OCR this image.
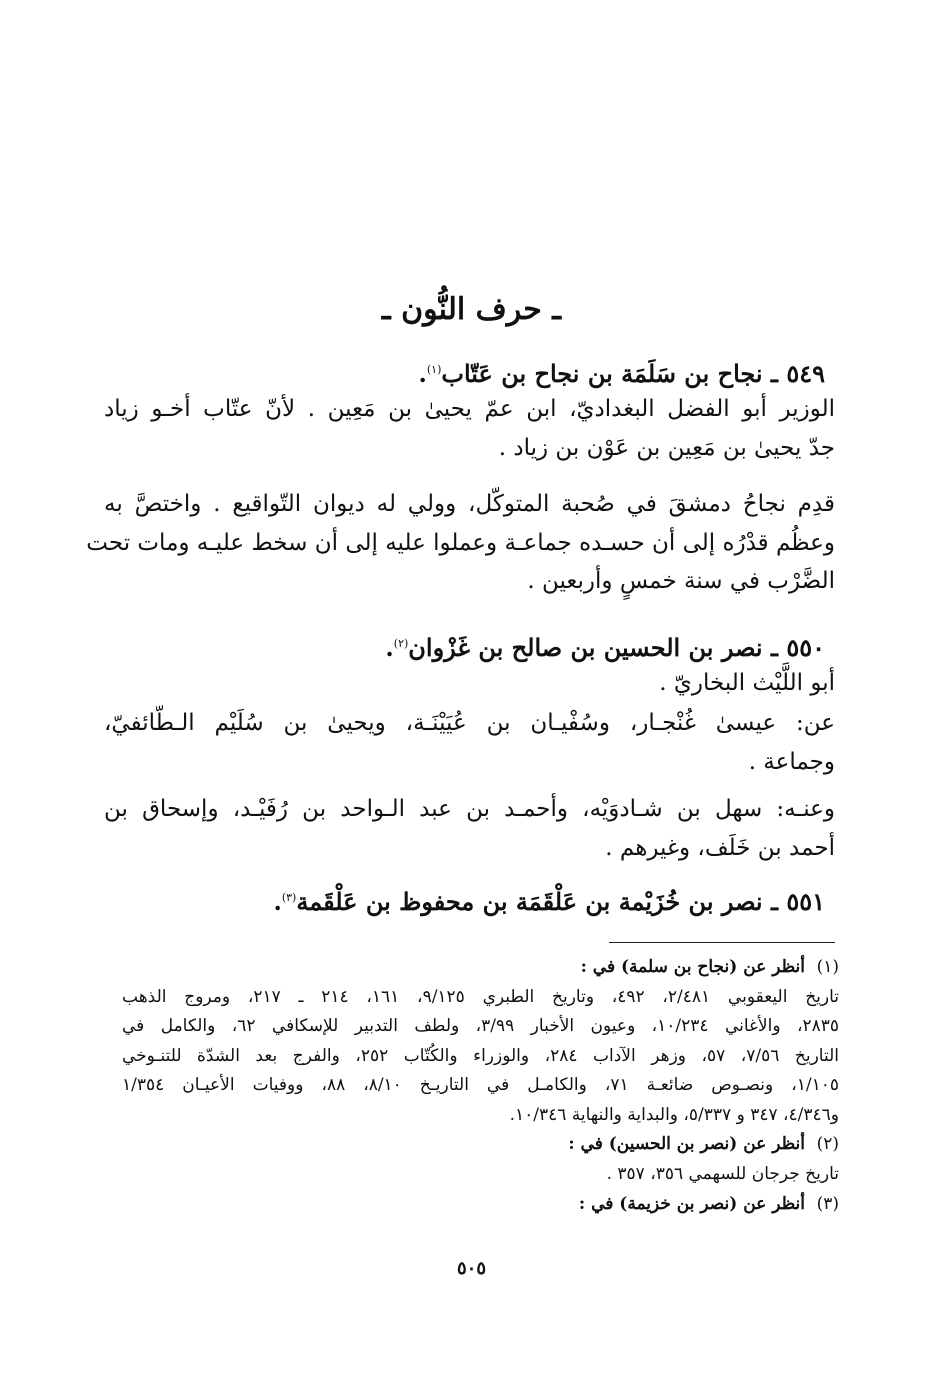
ـ حرف النُّون ـ
٥٤٩ ـ نجاح بن سَلَمَة بن نجاح بن عَتّاب$^{(١)}$.
الوزير أبو الفضل البغداديّ، ابن عمّ يحيىٰ بن مَعِين . لأنّ عتّاب أخـو زياد
جدّ يحيىٰ بن مَعِين بن عَوْن بن زياد .
قدِم نجاحُ دمشقَ في صُحبة المتوكّل، وولي له ديوان التّواقيع . واختصَّ به
وعظُم قدْرُه إلى أن حسـده جماعـة وعملوا عليه إلى أن سخط عليـه ومات تحت
الضَّرْب في سنة خمسٍ وأربعين .
٥٥٠ ـ نصر بن الحسين بن صالح بن غَزْوان$^{(٢)}$.
أبو اللَّيْث البخاريّ .
عن: عيسىٰ غُنْجـار، وسُفْيـان بن عُيَيْنَـة، ويحيىٰ بن سُلَيْم الـطّائفيّ،
وجماعة .
وعنـه: سهل بن شـادوَيْه، وأحمـد بن عبد الـواحد بن رُفَيْـد، وإسحاق بن
أحمد بن خَلَف، وغيرهم .
٥٥١ ـ نصر بن خُزَيْمة بن عَلْقَمَة بن محفوظ بن عَلْقَمة$^{(٣)}$.
(١)أنظر عن (نجاح بن سلمة) في :
تاريخ اليعقوبي ٢/٤٨١، ٤٩٢، وتاريخ الطبري ٩/١٢٥، ١٦١، ٢١٤ ـ ٢١٧، ومروج الذهب
٢٨٣٥، والأغاني ١٠/٢٣٤، وعيون الأخبار ٣/٩٩، ولطف التدبير للإسكافي ٦٢، والكامل في
التاريخ ٧/٥٦، ٥٧، وزهر الآداب ٢٨٤، والوزراء والكُتّاب ٢٥٢، والفرج بعد الشدّة للتنـوخي
١/١٠٥، ونصـوص ضائعـة ٧١، والكامـل في التاريـخ ٨/١٠، ٨٨، ووفيات الأعيـان ١/٣٥٤
و٤/٣٤٦، ٣٤٧ و ٥/٣٣٧، والبداية والنهاية ١٠/٣٤٦.
(٢)أنظر عن (نصر بن الحسين) في :
تاريخ جرجان للسهمي ٣٥٦، ٣٥٧ .
(٣)أنظر عن (نصر بن خزيمة) في :
٥٠٥
